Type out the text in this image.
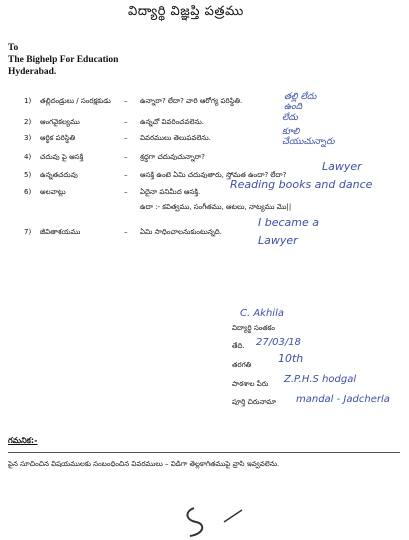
విద్యార్థి విజ్ఞప్తి పత్రము
To
The Bighelp For Education
Hyderabad.
1) తల్లిదండ్రులు / సంరక్షకుడు – ఉన్నారా? లేదా? వారి ఆరోగ్య పరిస్థితి.
2) ఆంగవైకల్యము	– ఉన్నచో వివరించవలెను.
3) ఆర్థిక పరిస్థితి	– వివరములు తెలుపవలెను.
4) చదువు పై ఆసక్తి	– శ్రద్ధగా చదువుచున్నారా?
5) ఉన్నతచదువు	– ఆసక్తి ఉంటె ఏమి చదువుతారు, స్తోమత ఉందా? లేదా?
6) అలవాట్లు	– ఏదైనా పనిమీద ఆసక్తి.
ఉదా :- కవిత్వము, సంగీతము, ఆటలు, నాట్యము మొ||
7) జీవితాశయము	– ఏమి సాధించాలనుకుంటున్నది.
తల్లి లేదు
ఉంది
లేదు
కూలి
చేయుచున్నారు
Lawyer
Reading books and dance
I became a
Lawyer
C. Akhila
విద్యార్థి సంతకం
తేది. 27/03/18
తరగతి 10th
పాఠశాల పేరు Z.P.H.S hodgal
పూర్తి చిరునామా mandal - Jadcherla
గమనిక:-
పైన సూచించిన విషయములకు సంబంధించిన వివరములు – విడిగా తెల్లకాగితముపై వ్రాసి ఇవ్వవలెను.
